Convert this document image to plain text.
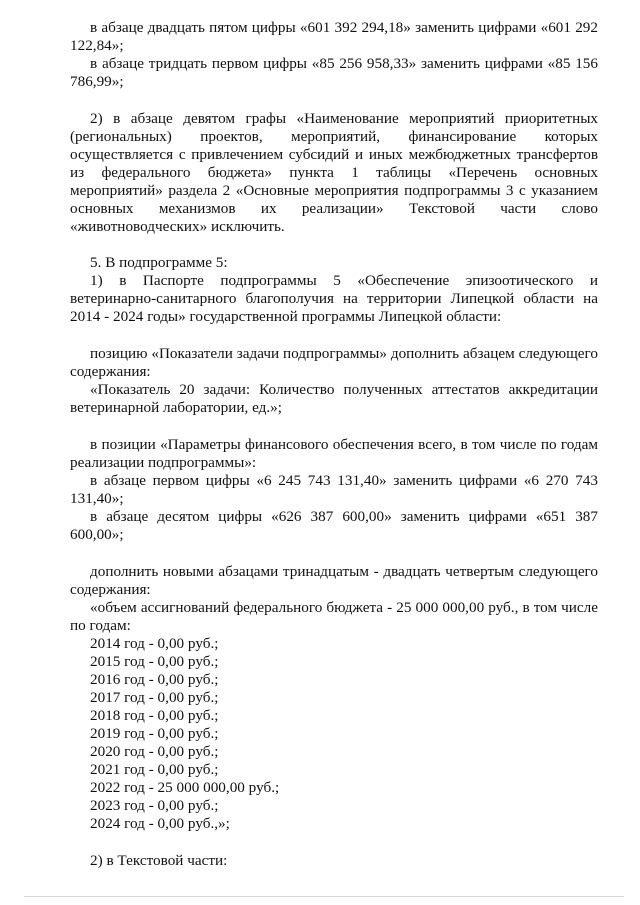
в абзаце двадцать пятом цифры «601 392 294,18» заменить цифрами «601 292 122,84»;

в абзаце тридцать первом цифры «85 256 958,33» заменить цифрами «85 156 786,99»;

2) в абзаце девятом графы «Наименование мероприятий приоритетных (региональных) проектов, мероприятий, финансирование которых осуществляется с привлечением субсидий и иных межбюджетных трансфертов из федерального бюджета» пункта 1 таблицы «Перечень основных мероприятий» раздела 2 «Основные мероприятия подпрограммы 3 с указанием основных механизмов их реализации» Текстовой части слово «животноводческих» исключить.

5. В подпрограмме 5:

1) в Паспорте подпрограммы 5 «Обеспечение эпизоотического и ветеринарно-санитарного благополучия на территории Липецкой области на 2014 - 2024 годы» государственной программы Липецкой области:

позицию «Показатели задачи подпрограммы» дополнить абзацем следующего содержания:

«Показатель 20 задачи: Количество полученных аттестатов аккредитации ветеринарной лаборатории, ед.»;

в позиции «Параметры финансового обеспечения всего, в том числе по годам реализации подпрограммы»:

в абзаце первом цифры «6 245 743 131,40» заменить цифрами «6 270 743 131,40»;

в абзаце десятом цифры «626 387 600,00» заменить цифрами «651 387 600,00»;

дополнить новыми абзацами тринадцатым - двадцать четвертым следующего содержания:

«объем ассигнований федерального бюджета - 25 000 000,00 руб., в том числе по годам:

2014 год - 0,00 руб.;

2015 год - 0,00 руб.;

2016 год - 0,00 руб.;

2017 год - 0,00 руб.;

2018 год - 0,00 руб.;

2019 год - 0,00 руб.;

2020 год - 0,00 руб.;

2021 год - 0,00 руб.;

2022 год - 25 000 000,00 руб.;

2023 год - 0,00 руб.;

2024 год - 0,00 руб.,»;

2) в Текстовой части:
